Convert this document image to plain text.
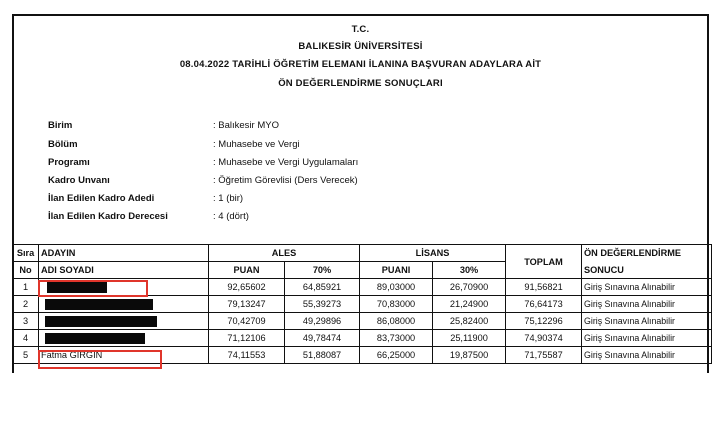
T.C.
BALIKESİR ÜNİVERSİTESİ
08.04.2022 TARİHLİ ÖĞRETİM ELEMANI İLANINA BAŞVURAN ADAYLARA AİT
ÖN DEĞERLENDİRME SONUÇLARI
Birim	: Balıkesir MYO
Bölüm	: Muhasebe ve Vergi
Programı	: Muhasebe ve Vergi Uygulamaları
Kadro Unvanı	: Öğretim Görevlisi (Ders Verecek)
İlan Edilen Kadro Adedi	: 1 (bir)
İlan Edilen Kadro Derecesi	: 4 (dört)
Sıra	ADAYIN	ALES		LİSANS		TOPLAM	ÖN DEĞERLENDİRME
No	ADI SOYADI	PUAN	70%	PUANI	30%		SONUCU
1		92,65602	64,85921	89,03000	26,70900	91,56821	Giriş Sınavına Alınabilir
2		79,13247	55,39273	70,83000	21,24900	76,64173	Giriş Sınavına Alınabilir
3		70,42709	49,29896	86,08000	25,82400	75,12296	Giriş Sınavına Alınabilir
4		71,12106	49,78474	83,73000	25,11900	74,90374	Giriş Sınavına Alınabilir
5	Fatma GİRGİN	74,11553	51,88087	66,25000	19,87500	71,75587	Giriş Sınavına Alınabilir
